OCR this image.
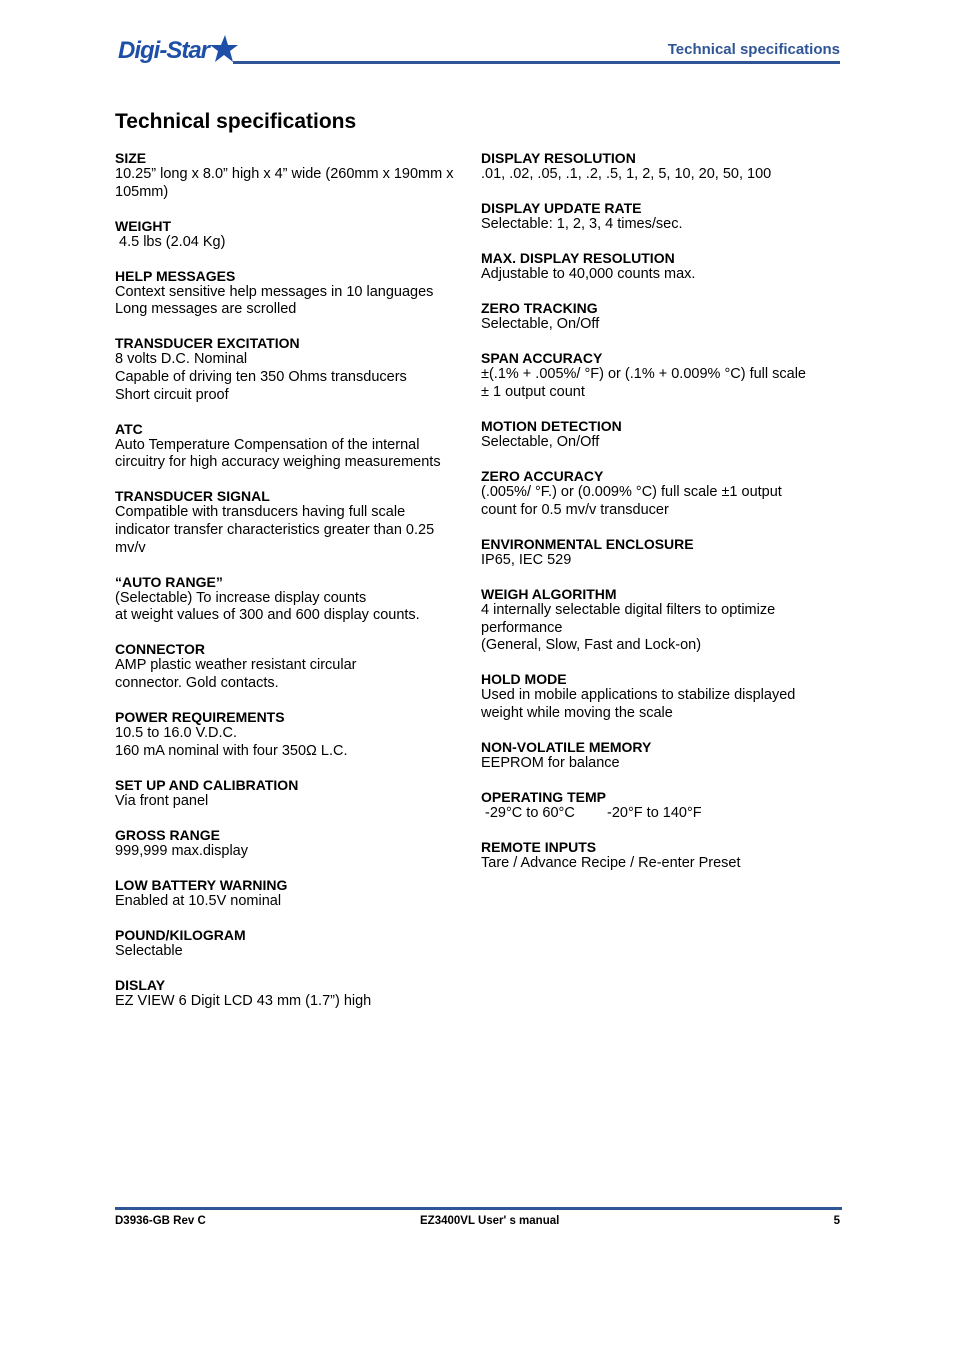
Digi-Star	Technical specifications
Technical specifications
SIZE
10.25” long x 8.0” high x 4” wide (260mm x 190mm x
105mm)
WEIGHT
4.5 lbs (2.04 Kg)
HELP MESSAGES
Context sensitive help messages in 10 languages
Long messages are scrolled
TRANSDUCER EXCITATION
8 volts D.C. Nominal
Capable of driving ten 350 Ohms transducers
Short circuit proof
ATC
Auto Temperature Compensation of the internal
circuitry for high accuracy weighing measurements
TRANSDUCER SIGNAL
Compatible with transducers having full scale
indicator transfer characteristics greater than 0.25
mv/v
“AUTO RANGE”
(Selectable) To increase display counts
at weight values of 300 and 600 display counts.
CONNECTOR
AMP plastic weather resistant circular
connector. Gold contacts.
POWER REQUIREMENTS
10.5 to 16.0 V.D.C.
160 mA nominal with four 350Ω L.C.
SET UP AND CALIBRATION
Via front panel
GROSS RANGE
999,999 max.display
LOW BATTERY WARNING
Enabled at 10.5V nominal
POUND/KILOGRAM
Selectable
DISLAY
EZ VIEW 6 Digit LCD 43 mm (1.7”) high
DISPLAY RESOLUTION
.01, .02, .05, .1, .2, .5, 1, 2, 5, 10, 20, 50, 100
DISPLAY UPDATE RATE
Selectable: 1, 2, 3, 4 times/sec.
MAX. DISPLAY RESOLUTION
Adjustable to 40,000 counts max.
ZERO TRACKING
Selectable, On/Off
SPAN ACCURACY
±(.1% + .005%/ °F) or (.1% + 0.009% °C) full scale
± 1 output count
MOTION DETECTION
Selectable, On/Off
ZERO ACCURACY
(.005%/ °F.) or (0.009% °C) full scale ±1 output
count for 0.5 mv/v transducer
ENVIRONMENTAL ENCLOSURE
IP65, IEC 529
WEIGH ALGORITHM
4 internally selectable digital filters to optimize
performance
(General, Slow, Fast and Lock-on)
HOLD MODE
Used in mobile applications to stabilize displayed
weight while moving the scale
NON-VOLATILE MEMORY
EEPROM for balance
OPERATING TEMP
-29°C to 60°C        -20°F to 140°F
REMOTE INPUTS
Tare / Advance Recipe / Re-enter Preset
D3936-GB Rev C	EZ3400VL User' s manual	5
